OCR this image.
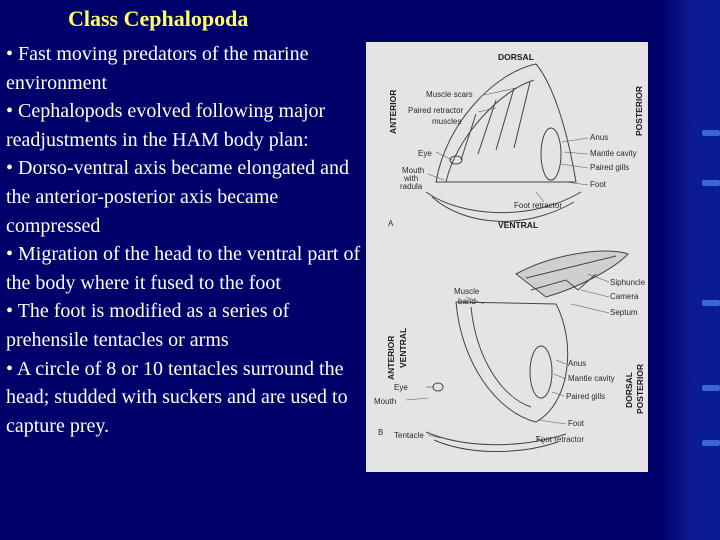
Class Cephalopoda
• Fast moving predators of the marine environment
• Cephalopods evolved following major readjustments in the HAM body plan:
• Dorso-ventral axis became elongated and the anterior-posterior axis became compressed
• Migration of the head to the ventral part of the body where it fused to the foot
• The foot is modified as a series of prehensile tentacles or arms
• A circle of 8 or 10 tentacles surround the head; studded with suckers and are used to capture prey.
DORSAL
ANTERIOR	POSTERIOR
Muscle scars
Paired retractor
muscles
Eye
Mouth
with
radula
Anus
Mantle cavity
Paired gills
Foot
Foot retractor
A	VENTRAL
Muscle
band
ANTERIOR VENTRAL
Eye
Mouth
Tentacle
B
Siphuncle
Camera
Septum
Anus
Mantle cavity
Paired gills
Foot
Foot retractor
DORSAL POSTERIOR
